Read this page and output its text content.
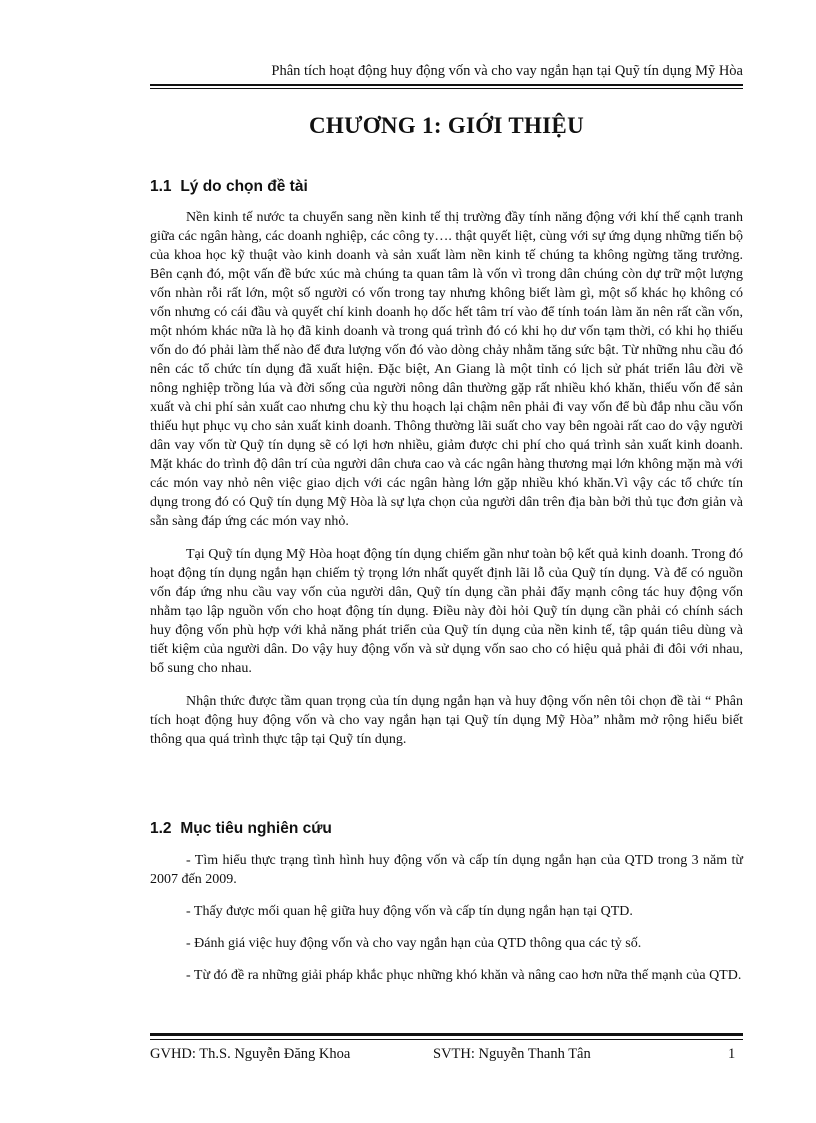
Phân tích hoạt động huy động vốn và cho vay ngắn hạn tại Quỹ tín dụng Mỹ Hòa
CHƯƠNG 1: GIỚI THIỆU
1.1 Lý do chọn đề tài

Nền kinh tế nước ta chuyển sang nền kinh tế thị trường đầy tính năng động với khí thế cạnh tranh giữa các ngân hàng, các doanh nghiệp, các công ty…. thật quyết liệt, cùng với sự ứng dụng những tiến bộ của khoa học kỹ thuật vào kinh doanh và sản xuất làm nền kinh tế chúng ta không ngừng tăng trưởng. Bên cạnh đó, một vấn đề bức xúc mà chúng ta quan tâm là vốn vì trong dân chúng còn dự trữ một lượng vốn nhàn rỗi rất lớn, một số người có vốn trong tay nhưng không biết làm gì, một số khác họ không có vốn nhưng có cái đầu và quyết chí kinh doanh họ dốc hết tâm trí vào để tính toán làm ăn nên rất cần vốn, một nhóm khác nữa là họ đã kinh doanh và trong quá trình đó có khi họ dư vốn tạm thời, có khi họ thiếu vốn do đó phải làm thế nào để đưa lượng vốn đó vào dòng chảy nhằm tăng sức bật. Từ những nhu cầu đó nên các tổ chức tín dụng đã xuất hiện. Đặc biệt, An Giang là một tỉnh có lịch sử phát triển lâu đời về nông nghiệp trồng lúa và đời sống của người nông dân thường gặp rất nhiều khó khăn, thiếu vốn để sản xuất và chi phí sản xuất cao nhưng chu kỳ thu hoạch lại chậm nên phải đi vay vốn để bù đắp nhu cầu vốn thiếu hụt phục vụ cho sản xuất kinh doanh. Thông thường lãi suất cho vay bên ngoài rất cao do vậy người dân vay vốn từ Quỹ tín dụng sẽ có lợi hơn nhiều, giảm được chi phí cho quá trình sản xuất kinh doanh. Mặt khác do trình độ dân trí của người dân chưa cao và các ngân hàng thương mại lớn không mặn mà với các món vay nhỏ nên việc giao dịch với các ngân hàng lớn gặp nhiều khó khăn.Vì vậy các tổ chức tín dụng trong đó có Quỹ tín dụng Mỹ Hòa là sự lựa chọn của người dân trên địa bàn bởi thủ tục đơn giản và sẵn sàng đáp ứng các món vay nhỏ.

Tại Quỹ tín dụng Mỹ Hòa hoạt động tín dụng chiếm gần như toàn bộ kết quả kinh doanh. Trong đó hoạt động tín dụng ngắn hạn chiếm tỷ trọng lớn nhất quyết định lãi lỗ của Quỹ tín dụng. Và để có nguồn vốn đáp ứng nhu cầu vay vốn của người dân, Quỹ tín dụng cần phải đẩy mạnh công tác huy động vốn nhằm tạo lập nguồn vốn cho hoạt động tín dụng. Điều này đòi hỏi Quỹ tín dụng cần phải có chính sách huy động vốn phù hợp với khả năng phát triển của Quỹ tín dụng của nền kinh tế, tập quán tiêu dùng và tiết kiệm của người dân. Do vậy huy động vốn và sử dụng vốn sao cho có hiệu quả phải đi đôi với nhau, bổ sung cho nhau.

Nhận thức được tầm quan trọng của tín dụng ngắn hạn và huy động vốn nên tôi chọn đề tài “ Phân tích hoạt động huy động vốn và cho vay ngắn hạn tại Quỹ tín dụng Mỹ Hòa” nhằm mở rộng hiểu biết thông qua quá trình thực tập tại Quỹ tín dụng.

1.2 Mục tiêu nghiên cứu

- Tìm hiểu thực trạng tình hình huy động vốn và cấp tín dụng ngắn hạn của QTD trong 3 năm từ 2007 đến 2009.

- Thấy được mối quan hệ giữa huy động vốn và cấp tín dụng ngắn hạn tại QTD.

- Đánh giá việc huy động vốn và cho vay ngắn hạn của QTD thông qua các tỷ số.

- Từ đó đề ra những giải pháp khắc phục những khó khăn và nâng cao hơn nữa thế mạnh của QTD.

GVHD: Th.S. Nguyễn Đăng Khoa	SVTH: Nguyễn Thanh Tân	1
